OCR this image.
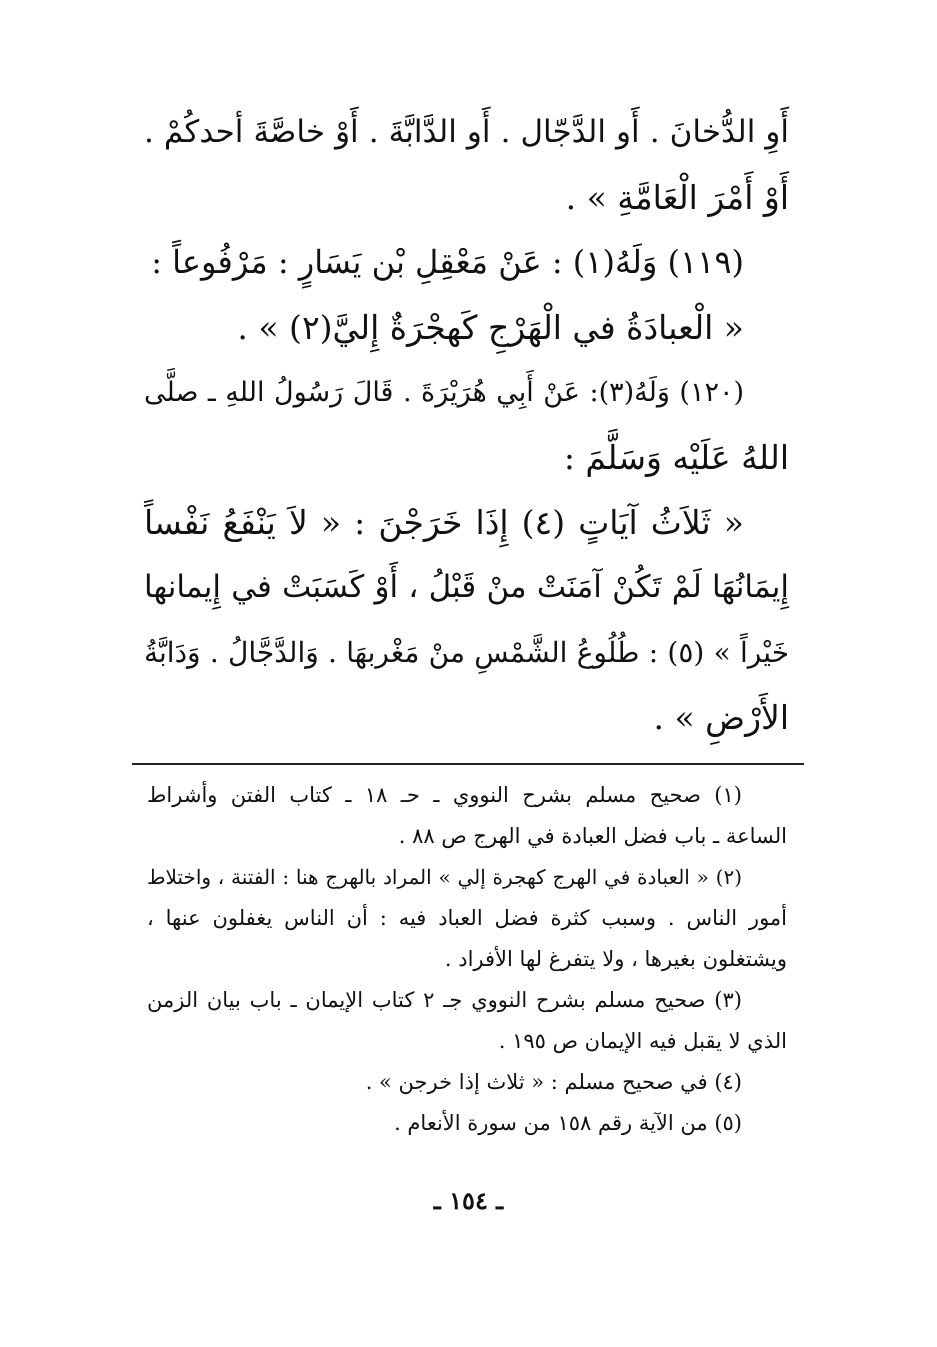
أَوِ الدُّخانَ . أَو الدَّجّال . أَو الدَّابَّةَ . أَوْ خاصَّةَ أحدكُمْ .
أَوْ أَمْرَ الْعَامَّةِ » .
(١١٩) وَلَهُ(١) : عَنْ مَعْقِلِ بْن يَسَارٍ : مَرْفُوعاً :
« الْعبادَةُ في الْهَرْجِ كَهجْرَةٌ إِليَّ(٢) » .
(١٢٠) وَلَهُ(٣): عَنْ أَبِي هُرَيْرَةَ . قَالَ رَسُولُ اللهِ ـ صلَّى
اللهُ عَلَيْه وَسَلَّمَ :
« ثَلاَثُ آيَاتٍ (٤) إِذَا خَرَجْنَ : « لاَ يَنْفَعُ نَفْساً
إِيمَانُهَا لَمْ تَكُنْ آمَنَتْ منْ قَبْلُ ، أَوْ كَسَبَتْ في إِيمانها
خَيْراً » (٥) : طُلُوعُ الشَّمْسِ منْ مَغْربهَا . وَالدَّجَّالُ . وَدَابَّةُ
الأَرْضِ » .
(١) صحيح مسلم بشرح النووي ـ حـ ١٨ ـ كتاب الفتن وأشراط
الساعة ـ باب فضل العبادة في الهرج ص ٨٨ .
(٢) « العبادة في الهرج كهجرة إلي » المراد بالهرج هنا : الفتنة ، واختلاط
أمور الناس . وسبب كثرة فضل العباد فيه : أن الناس يغفلون عنها ،
ويشتغلون بغيرها ، ولا يتفرغ لها الأفراد .
(٣) صحيح مسلم بشرح النووي جـ ٢ كتاب الإيمان ـ باب بيان الزمن
الذي لا يقبل فيه الإيمان ص ١٩٥ .
(٤) في صحيح مسلم : « ثلاث إذا خرجن » .
(٥) من الآية رقم ١٥٨ من سورة الأنعام .
ـ ١٥٤ ـ
